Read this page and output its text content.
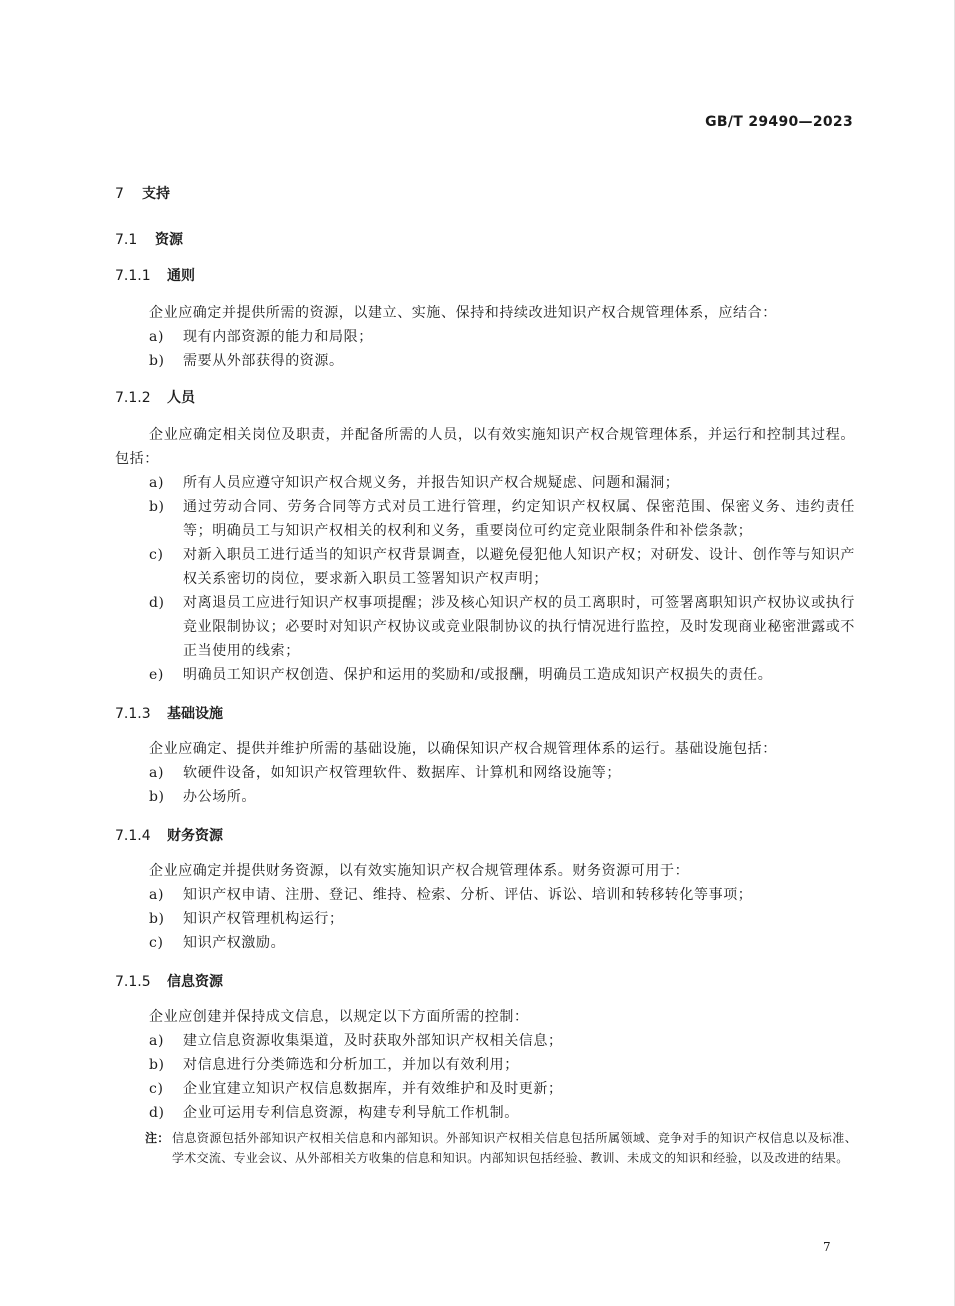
GB/T 29490—2023
7 支持
7.1 资源
7.1.1 通则
企业应确定并提供所需的资源，以建立、实施、保持和持续改进知识产权合规管理体系，应结合：
a) 现有内部资源的能力和局限；
b) 需要从外部获得的资源。
7.1.2 人员
企业应确定相关岗位及职责，并配备所需的人员，以有效实施知识产权合规管理体系，并运行和控制其过程。包括：
a) 所有人员应遵守知识产权合规义务，并报告知识产权合规疑虑、问题和漏洞；
b) 通过劳动合同、劳务合同等方式对员工进行管理，约定知识产权权属、保密范围、保密义务、违约责任等；明确员工与知识产权相关的权利和义务，重要岗位可约定竞业限制条件和补偿条款；
c) 对新入职员工进行适当的知识产权背景调查，以避免侵犯他人知识产权；对研发、设计、创作等与知识产权关系密切的岗位，要求新入职员工签署知识产权声明；
d) 对离退员工应进行知识产权事项提醒；涉及核心知识产权的员工离职时，可签署离职知识产权协议或执行竞业限制协议；必要时对知识产权协议或竞业限制协议的执行情况进行监控，及时发现商业秘密泄露或不正当使用的线索；
e) 明确员工知识产权创造、保护和运用的奖励和/或报酬，明确员工造成知识产权损失的责任。
7.1.3 基础设施
企业应确定、提供并维护所需的基础设施，以确保知识产权合规管理体系的运行。基础设施包括：
a) 软硬件设备，如知识产权管理软件、数据库、计算机和网络设施等；
b) 办公场所。
7.1.4 财务资源
企业应确定并提供财务资源，以有效实施知识产权合规管理体系。财务资源可用于：
a) 知识产权申请、注册、登记、维持、检索、分析、评估、诉讼、培训和转移转化等事项；
b) 知识产权管理机构运行；
c) 知识产权激励。
7.1.5 信息资源
企业应创建并保持成文信息，以规定以下方面所需的控制：
a) 建立信息资源收集渠道，及时获取外部知识产权相关信息；
b) 对信息进行分类筛选和分析加工，并加以有效利用；
c) 企业宜建立知识产权信息数据库，并有效维护和及时更新；
d) 企业可运用专利信息资源，构建专利导航工作机制。
注： 信息资源包括外部知识产权相关信息和内部知识。外部知识产权相关信息包括所属领域、竞争对手的知识产权信息以及标准、学术交流、专业会议、从外部相关方收集的信息和知识。内部知识包括经验、教训、未成文的知识和经验，以及改进的结果。
7
